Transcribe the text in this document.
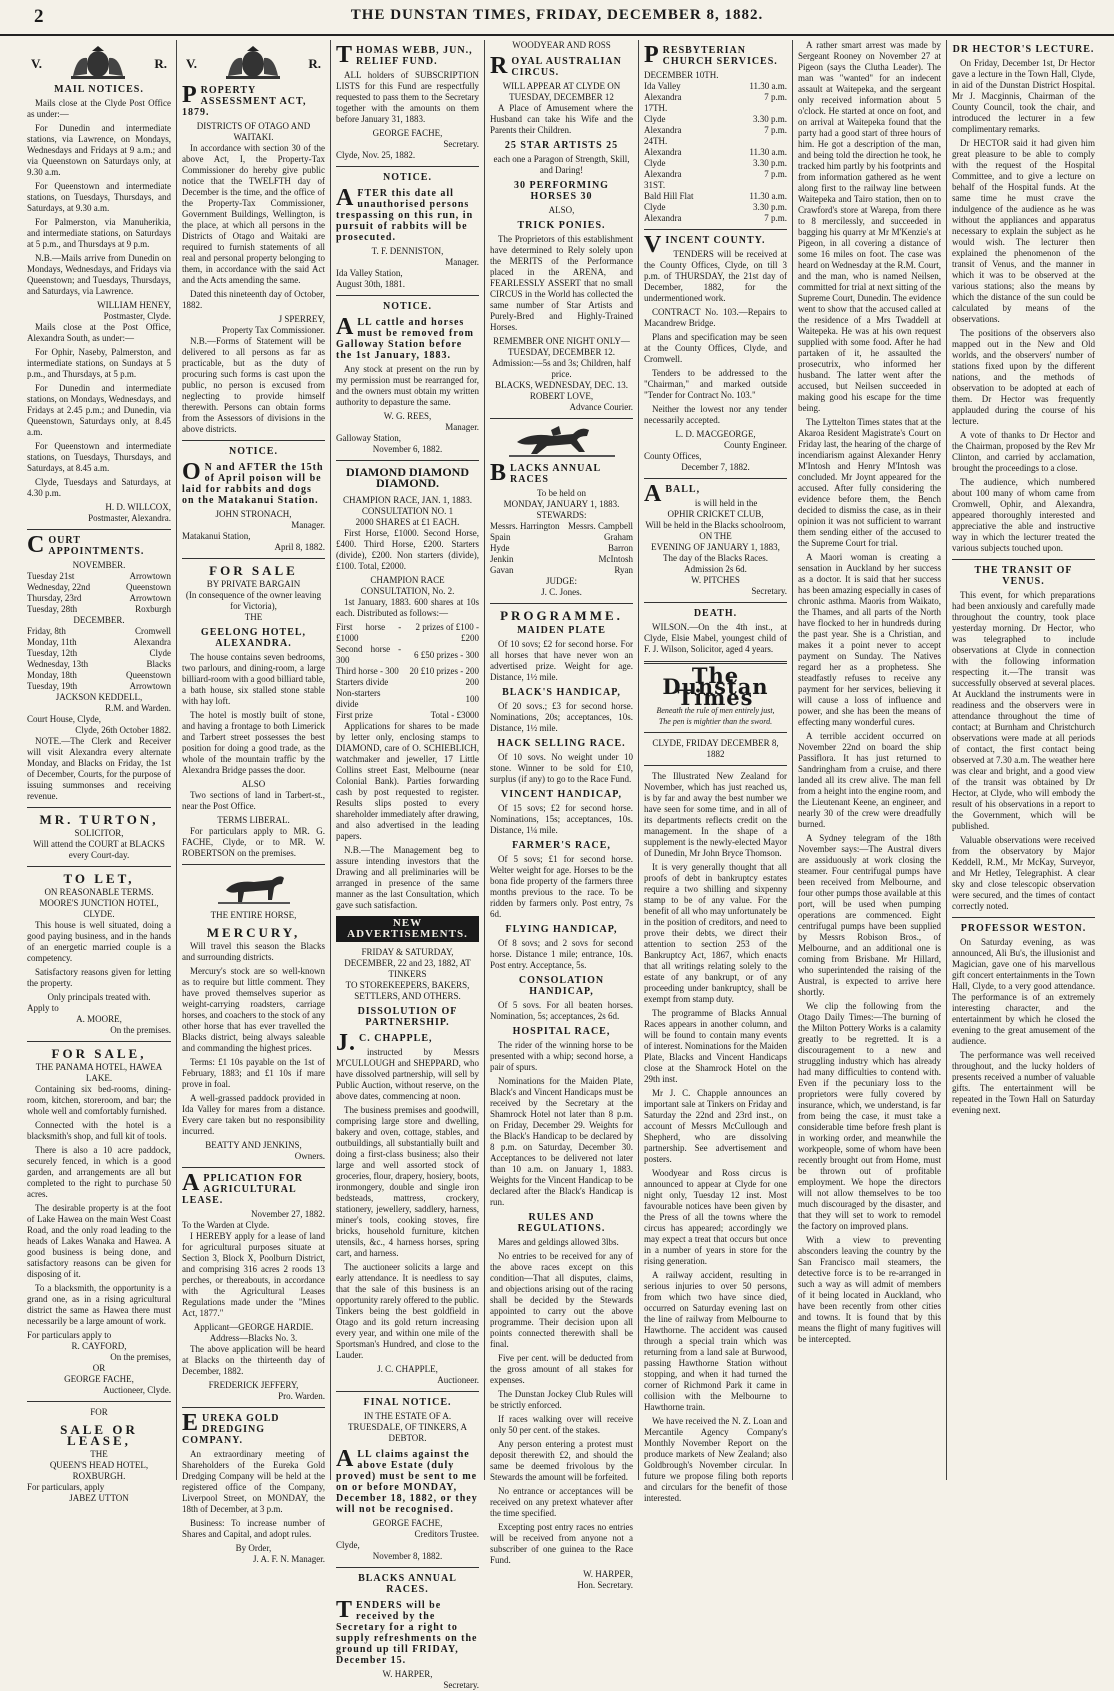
2	THE DUNSTAN TIMES, FRIDAY, DECEMBER 8, 1882.
V.	R.
MAIL NOTICES.

Mails close at the Clyde Post Office as under:—

For Dunedin and intermediate stations, via Lawrence, on Mondays, Wednesdays and Fridays at 9 a.m.; and via Queenstown on Saturdays only, at 9.30 a.m.

For Queenstown and intermediate stations, on Tuesdays, Thursdays, and Saturdays, at 9.30 a.m.

For Palmerston, via Manuherikia, and intermediate stations, on Saturdays at 5 p.m., and Thursdays at 9 p.m.

N.B.—Mails arrive from Dunedin on Mondays, Wednesdays, and Fridays via Queenstown; and Tuesdays, Thursdays, and Saturdays, via Lawrence.

WILLIAM HENEY,
Postmaster, Clyde.

Mails close at the Post Office, Alexandra South, as under:—

For Ophir, Naseby, Palmerston, and intermediate stations, on Sundays at 5 p.m., and Thursdays, at 5 p.m.

For Dunedin and intermediate stations, on Mondays, Wednesdays, and Fridays at 2.45 p.m.; and Dunedin, via Queenstown, Saturdays only, at 8.45 a.m.

For Queenstown and intermediate stations, on Tuesdays, Thursdays, and Saturdays, at 8.45 a.m.

Clyde, Tuesdays and Saturdays, at 4.30 p.m.

H. D. WILLCOX,
Postmaster, Alexandra.
COURT APPOINTMENTS.
NOVEMBER.
Tuesday 21st	Arrowtown
Wednesday, 22nd	Queenstown
Thursday, 23rd	Arrowtown
Tuesday, 28th	Roxburgh
DECEMBER.
Friday, 8th	Cromwell
Monday, 11th	Alexandra
Tuesday, 12th	Clyde
Wednesday, 13th	Blacks
Monday, 18th	Queenstown
Tuesday, 19th	Arrowtown
JACKSON KEDDELL,
R.M. and Warden.
Court House, Clyde,
Clyde, 26th October 1882.

NOTE.—The Clerk and Receiver will visit Alexandra every alternate Monday, and Blacks on Friday, the 1st of December, Courts, for the purpose of issuing summonses and receiving revenue.

MR. TURTON,
SOLICITOR,
Will attend the COURT at BLACKS
every Court-day.
TO LET,
ON REASONABLE TERMS.
MOORE'S JUNCTION HOTEL,
CLYDE.

This house is well situated, doing a good paying business, and in the hands of an energetic married couple is a competency.

Satisfactory reasons given for letting the property.

Only principals treated with.
Apply to
A. MOORE,
On the premises.
FOR SALE,
THE PANAMA HOTEL, HAWEA LAKE.

Containing six bed-rooms, dining-room, kitchen, storeroom, and bar; the whole well and comfortably furnished.

Connected with the hotel is a blacksmith's shop, and full kit of tools.

There is also a 10 acre paddock, securely fenced, in which is a good garden, and arrangements are all but completed to the right to purchase 50 acres.

The desirable property is at the foot of Lake Hawea on the main West Coast Road, and the only road leading to the heads of Lakes Wanaka and Hawea. A good business is being done, and satisfactory reasons can be given for disposing of it.

To a blacksmith, the opportunity is a grand one, as in a rising agricultural district the same as Hawea there must necessarily be a large amount of work.

For particulars apply to
R. CAYFORD,
On the premises,
OR
GEORGE FACHE,
Auctioneer, Clyde.
FOR
SALE OR LEASE,
THE
QUEEN'S HEAD HOTEL, ROXBURGH.
For particulars, apply
JABEZ UTTON
V.	R.
PROPERTY ASSESSMENT ACT, 1879.
DISTRICTS OF OTAGO AND WAITAKI.

In accordance with section 30 of the above Act, I, the Property-Tax Commissioner do hereby give public notice that the TWELFTH day of December is the time, and the office of the Property-Tax Commissioner, Government Buildings, Wellington, is the place, at which all persons in the Districts of Otago and Waitaki are required to furnish statements of all real and personal property belonging to them, in accordance with the said Act and the Acts amending the same.

Dated this nineteenth day of October, 1882.

J SPERREY,
Property Tax Commissioner.

N.B.—Forms of Statement will be delivered to all persons as far as practicable, but as the duty of procuring such forms is cast upon the public, no person is excused from neglecting to provide himself therewith. Persons can obtain forms from the Assessors of divisions in the above districts.

NOTICE.
ON and AFTER the 15th of April poison will be laid for rabbits and dogs on the Matakanui Station.
JOHN STRONACH,
Manager.
Matakanui Station,
April 8, 1882.
FOR SALE
BY PRIVATE BARGAIN
(In consequence of the owner leaving for Victoria),
THE
GEELONG HOTEL, ALEXANDRA.

The house contains seven bedrooms, two parlours, and dining-room, a large billiard-room with a good billiard table, a bath house, six stalled stone stable with hay loft.

The hotel is mostly built of stone, and having a frontage to both Limerick and Tarbert street possesses the best position for doing a good trade, as the whole of the mountain traffic by the Alexandra Bridge passes the door.

ALSO

Two sections of land in Tarbert-st., near the Post Office.

TERMS LIBERAL.

For particulars apply to MR. G. FACHE, Clyde, or to MR. W. ROBERTSON on the premises.

THE ENTIRE HORSE,
MERCURY,

Will travel this season the Blacks and surrounding districts.

Mercury's stock are so well-known as to require but little comment. They have proved themselves superior as weight-carrying roadsters, carriage horses, and coachers to the stock of any other horse that has ever travelled the Blacks district, being always saleable and commanding the highest prices.

Terms: £1 10s payable on the 1st of February, 1883; and £1 10s if mare prove in foal.

A well-grassed paddock provided in Ida Valley for mares from a distance. Every care taken but no responsibility incurred.

BEATTY AND JENKINS,
Owners.
APPLICATION FOR AGRICULTURAL LEASE.
November 27, 1882.
To the Warden at Clyde.

I HEREBY apply for a lease of land for agricultural purposes situate at Section 3, Block X, Poolburn District, and comprising 316 acres 2 roods 13 perches, or thereabouts, in accordance with the Agricultural Leases Regulations made under the "Mines Act, 1877."

Applicant—GEORGE HARDIE.
Address—Blacks No. 3.

The above application will be heard at Blacks on the thirteenth day of December, 1882.

FREDERICK JEFFERY,
Pro. Warden.
EUREKA GOLD DREDGING COMPANY.

An extraordinary meeting of Shareholders of the Eureka Gold Dredging Company will be held at the registered office of the Company, Liverpool Street, on MONDAY, the 18th of December, at 3 p.m.

Business: To increase number of Shares and Capital, and adopt rules.

By Order,
J. A. F. N. Manager.
THOMAS WEBB, JUN., RELIEF FUND.

ALL holders of SUBSCRIPTION LISTS for this Fund are respectfully requested to pass them to the Secretary together with the amounts on them before January 31, 1883.

GEORGE FACHE,
Secretary.
Clyde, Nov. 25, 1882.
NOTICE.
AFTER this date all unauthorised persons trespassing on this run, in pursuit of rabbits will be prosecuted.
T. F. DENNISTON,
Manager.
Ida Valley Station,
August 30th, 1881.
NOTICE.
ALL cattle and horses must be removed from Galloway Station before the 1st January, 1883.

Any stock at present on the run by my permission must be rearranged for, and the owners must obtain my written authority to depasture the same.

W. G. REES,
Manager.
Galloway Station,
November 6, 1882.
DIAMOND DIAMOND DIAMOND.
CHAMPION RACE, JAN. 1, 1883. CONSULTATION NO. 1
2000 SHARES at £1 EACH.

First Horse, £1000. Second Horse, £400. Third Horse, £200. Starters (divide), £200. Non starters (divide), £100. Total, £2000.

CHAMPION RACE CONSULTATION, No. 2.

1st January, 1883. 600 shares at 10s each. Distributed as follows:—

First horse - £1000	2 prizes of £100 - £200
Second horse - 300	6 £50 prizes - 300
Third horse - 300	20 £10 prizes - 200
Starters divide	200
Non-starters divide	100
First prize	Total - £3000

Applications for shares to be made by letter only, enclosing stamps to DIAMOND, care of O. SCHIEBLICH, watchmaker and jeweller, 17 Little Collins street East, Melbourne (near Colonial Bank). Parties forwarding cash by post requested to register. Results slips posted to every shareholder immediately after drawing, and also advertised in the leading papers.

N.B.—The Management beg to assure intending investors that the Drawing and all preliminaries will be arranged in presence of the same manner as the last Consultation, which gave such satisfaction.

NEW ADVERTISEMENTS.
FRIDAY & SATURDAY, DECEMBER, 22 and 23, 1882, AT TINKERS
TO STOREKEEPERS, BAKERS, SETTLERS, AND OTHERS.
DISSOLUTION OF PARTNERSHIP.
J.C. CHAPPLE,

instructed by Messrs M'CULLOUGH and SHEPPARD, who have dissolved partnership, will sell by Public Auction, without reserve, on the above dates, commencing at noon.

The business premises and goodwill, comprising large store and dwelling, bakery and oven, cottage, stables, and outbuildings, all substantially built and doing a first-class business; also their large and well assorted stock of groceries, flour, drapery, hosiery, boots, ironmongery, double and single iron bedsteads, mattress, crockery, stationery, jewellery, saddlery, harness, miner's tools, cooking stoves, fire bricks, household furniture, kitchen utensils, &c., 4 harness horses, spring cart, and harness.

The auctioneer solicits a large and early attendance. It is needless to say that the sale of this business is an opportunity rarely offered to the public. Tinkers being the best goldfield in Otago and its gold return increasing every year, and within one mile of the Sportsman's Hundred, and close to the Lauder.

J. C. CHAPPLE,
Auctioneer.
FINAL NOTICE.
IN THE ESTATE OF A. TRUESDALE, OF TINKERS, A DEBTOR.
ALL claims against the above Estate (duly proved) must be sent to me on or before MONDAY, December 18, 1882, or they will not be recognised.
GEORGE FACHE,
Creditors Trustee.
Clyde,
November 8, 1882.
BLACKS ANNUAL RACES.
TENDERS will be received by the Secretary for a right to supply refreshments on the ground up till FRIDAY, December 15.
W. HARPER,
Secretary.
WOODYEAR AND ROSS
ROYAL AUSTRALIAN CIRCUS.
WILL APPEAR AT CLYDE ON TUESDAY, DECEMBER 12

A Place of Amusement where the Husband can take his Wife and the Parents their Children.

25 STAR ARTISTS 25
each one a Paragon of Strength, Skill, and Daring!
30 PERFORMING HORSES 30
ALSO,
TRICK PONIES.

The Proprietors of this establishment have determined to Rely solely upon the MERITS of the Performance placed in the ARENA, and FEARLESSLY ASSERT that no small CIRCUS in the World has collected the same number of Star Artists and Purely-Bred and Highly-Trained Horses.

REMEMBER ONE NIGHT ONLY—TUESDAY, DECEMBER 12.
Admission:—5s and 3s; Children, half price.
BLACKS, WEDNESDAY, DEC. 13.
ROBERT LOVE,
Advance Courier.
BLACKS ANNUAL RACES
To be held on
MONDAY, JANUARY 1, 1883.
STEWARDS:
Messrs. Harrington	Messrs. Campbell
Spain	Graham
Hyde	Barron
Jenkin	McIntosh
Gavan	Ryan
JUDGE:
J. C. Jones.
PROGRAMME.
MAIDEN PLATE

Of 10 sovs; £2 for second horse. For all horses that have never won an advertised prize. Weight for age. Distance, 1½ mile.

BLACK'S HANDICAP,

Of 20 sovs.; £3 for second horse. Nominations, 20s; acceptances, 10s. Distance, 1½ mile.

HACK SELLING RACE.

Of 10 sovs. No weight under 10 stone. Winner to be sold for £10, surplus (if any) to go to the Race Fund.

VINCENT HANDICAP,

Of 15 sovs; £2 for second horse. Nominations, 15s; acceptances, 10s. Distance, 1¼ mile.

FARMER'S RACE,

Of 5 sovs; £1 for second horse. Welter weight for age. Horses to be the bona fide property of the farmers three months previous to the race. To be ridden by farmers only. Post entry, 7s 6d.

FLYING HANDICAP,

Of 8 sovs; and 2 sovs for second horse. Distance 1 mile; entrance, 10s. Post entry. Acceptance, 5s.

CONSOLATION HANDICAP,

Of 5 sovs. For all beaten horses. Nomination, 5s; acceptances, 2s 6d.

HOSPITAL RACE,

The rider of the winning horse to be presented with a whip; second horse, a pair of spurs.

Nominations for the Maiden Plate, Black's and Vincent Handicaps must be received by the Secretary at the Shamrock Hotel not later than 8 p.m. on Friday, December 29. Weights for the Black's Handicap to be declared by 8 p.m. on Saturday, December 30. Acceptances to be delivered not later than 10 a.m. on January 1, 1883. Weights for the Vincent Handicap to be declared after the Black's Handicap is run.

RULES AND REGULATIONS.

Mares and geldings allowed 3lbs.

No entries to be received for any of the above races except on this condition—That all disputes, claims, and objections arising out of the racing shall be decided by the Stewards appointed to carry out the above programme. Their decision upon all points connected therewith shall be final.

Five per cent. will be deducted from the gross amount of all stakes for expenses.

The Dunstan Jockey Club Rules will be strictly enforced.

If races walking over will receive only 50 per cent. of the stakes.

Any person entering a protest must deposit therewith £2, and should the same be deemed frivolous by the Stewards the amount will be forfeited.

No entrance or acceptances will be received on any pretext whatever after the time specified.

Excepting post entry races no entries will be received from anyone not a subscriber of one guinea to the Race Fund.

W. HARPER,
Hon. Secretary.
PRESBYTERIAN CHURCH SERVICES.
DECEMBER 10TH.	
Ida Valley	11.30 a.m.
Alexandra	7 p.m.
17TH.	
Clyde	3.30 p.m.
Alexandra	7 p.m.
24TH.	
Alexandra	11.30 a.m.
Clyde	3.30 p.m.
Alexandra	7 p.m.
31ST.	
Bald Hill Flat	11.30 a.m.
Clyde	3.30 p.m.
Alexandra	7 p.m.
VINCENT COUNTY.

TENDERS will be received at the County Offices, Clyde, on till 3 p.m. of THURSDAY, the 21st day of December, 1882, for the undermentioned work.

CONTRACT No. 103.—Repairs to Macandrew Bridge.

Plans and specification may be seen at the County Offices, Clyde, and Cromwell.

Tenders to be addressed to the "Chairman," and marked outside "Tender for Contract No. 103."

Neither the lowest nor any tender necessarily accepted.

L. D. MACGEORGE,
County Engineer.
County Offices,
December 7, 1882.
ABALL,
is will held in the
OPHIR CRICKET CLUB,
Will be held in the Blacks schoolroom,
ON THE
EVENING OF JANUARY 1, 1883,
The day of the Blacks Races.
Admission 2s 6d.
W. PITCHES
Secretary.
DEATH.

WILSON.—On the 4th inst., at Clyde, Elsie Mabel, youngest child of F. J. Wilson, Solicitor, aged 4 years.

The Dunstan Times
Beneath the rule of men entirely just,
The pen is mightier than the sword.
CLYDE, FRIDAY DECEMBER 8, 1882

The Illustrated New Zealand for November, which has just reached us, is by far and away the best number we have seen for some time, and in all of its departments reflects credit on the management. In the shape of a supplement is the newly-elected Mayor of Dunedin, Mr John Bryce Thomson.

It is very generally thought that all proofs of debt in bankruptcy estates require a two shilling and sixpenny stamp to be of any value. For the benefit of all who may unfortunately be in the position of creditors, and need to prove their debts, we direct their attention to section 253 of the Bankruptcy Act, 1867, which enacts that all writings relating solely to the estate of any bankrupt, or of any proceeding under bankruptcy, shall be exempt from stamp duty.

The programme of Blacks Annual Races appears in another column, and will be found to contain many events of interest. Nominations for the Maiden Plate, Blacks and Vincent Handicaps close at the Shamrock Hotel on the 29th inst.

Mr J. C. Chapple announces an important sale at Tinkers on Friday and Saturday the 22nd and 23rd inst., on account of Messrs McCullough and Shepherd, who are dissolving partnership. See advertisement and posters.

Woodyear and Ross circus is announced to appear at Clyde for one night only, Tuesday 12 inst. Most favourable notices have been given by the Press of all the towns where the circus has appeared; accordingly we may expect a treat that occurs but once in a number of years in store for the rising generation.

A railway accident, resulting in serious injuries to over 50 persons, from which two have since died, occurred on Saturday evening last on the line of railway from Melbourne to Hawthorne. The accident was caused through a special train which was returning from a land sale at Burwood, passing Hawthorne Station without stopping, and when it had turned the corner of Richmond Park it came in collision with the Melbourne to Hawthorne train.

We have received the N. Z. Loan and Mercantile Agency Company's Monthly November Report on the produce markets of New Zealand; also Goldbrough's November circular. In future we propose filing both reports and circulars for the benefit of those interested.

A rather smart arrest was made by Sergeant Rooney on November 27 at Pigeon (says the Clutha Leader). The man was "wanted" for an indecent assault at Waitepeka, and the sergeant only received information about 5 o'clock. He started at once on foot, and on arrival at Waitepeka found that the party had a good start of three hours of him. He got a description of the man, and being told the direction he took, he tracked him partly by his footprints and from information gathered as he went along first to the railway line between Waitepeka and Tairo station, then on to Crawford's store at Warepa, from there to 8 mercilessly, and succeeded in bagging his quarry at Mr M'Kenzie's at Pigeon, in all covering a distance of some 16 miles on foot. The case was heard on Wednesday at the R.M. Court, and the man, who is named Neilsen, committed for trial at next sitting of the Supreme Court, Dunedin. The evidence went to show that the accused called at the residence of a Mrs Twaddell at Waitepeka. He was at his own request supplied with some food. After he had partaken of it, he assaulted the prosecutrix, who informed her husband. The latter went after the accused, but Neilsen succeeded in making good his escape for the time being.

The Lyttelton Times states that at the Akaroa Resident Magistrate's Court on Friday last, the hearing of the charge of incendiarism against Alexander Henry M'Intosh and Henry M'Intosh was concluded. Mr Joynt appeared for the accused. After fully considering the evidence before them, the Bench decided to dismiss the case, as in their opinion it was not sufficient to warrant them sending either of the accused to the Supreme Court for trial.

A Maori woman is creating a sensation in Auckland by her success as a doctor. It is said that her success has been amazing especially in cases of chronic asthma. Maoris from Waikato, the Thames, and all parts of the North have flocked to her in hundreds during the past year. She is a Christian, and makes it a point never to accept payment on Sunday. The Natives regard her as a prophetess. She steadfastly refuses to receive any payment for her services, believing it will cause a loss of influence and power, and she has been the means of effecting many wonderful cures.

A terrible accident occurred on November 22nd on board the ship Passiflora. It has just returned to Sandringham from a cruise, and there landed all its crew alive. The man fell from a height into the engine room, and the Lieutenant Keene, an engineer, and nearly 30 of the crew were dreadfully burned.

A Sydney telegram of the 18th November says:—The Austral divers are assiduously at work closing the steamer. Four centrifugal pumps have been received from Melbourne, and four other pumps those available at this port, will be used when pumping operations are commenced. Eight centrifugal pumps have been supplied by Messrs Robison Bros., of Melbourne, and an additional one is coming from Brisbane. Mr Hillard, who superintended the raising of the Austral, is expected to arrive here shortly.

We clip the following from the Otago Daily Times:—The burning of the Milton Pottery Works is a calamity greatly to be regretted. It is a discouragement to a new and struggling industry which has already had many difficulties to contend with. Even if the pecuniary loss to the proprietors were fully covered by insurance, which, we understand, is far from being the case, it must take a considerable time before fresh plant is in working order, and meanwhile the workpeople, some of whom have been recently brought out from Home, must be thrown out of profitable employment. We hope the directors will not allow themselves to be too much discouraged by the disaster, and that they will set to work to remodel the factory on improved plans.

With a view to preventing absconders leaving the country by the San Francisco mail steamers, the detective force is to be re-arranged in such a way as will admit of members of it being located in Auckland, who have been recently from other cities and towns. It is found that by this means the flight of many fugitives will be intercepted.

DR HECTOR'S LECTURE.

On Friday, December 1st, Dr Hector gave a lecture in the Town Hall, Clyde, in aid of the Dunstan District Hospital. Mr J. Macginnis, Chairman of the County Council, took the chair, and introduced the lecturer in a few complimentary remarks.

Dr HECTOR said it had given him great pleasure to be able to comply with the request of the Hospital Committee, and to give a lecture on behalf of the Hospital funds. At the same time he must crave the indulgence of the audience as he was without the appliances and apparatus necessary to explain the subject as he would wish. The lecturer then explained the phenomenon of the transit of Venus, and the manner in which it was to be observed at the various stations; also the means by which the distance of the sun could be calculated by means of the observations.

The positions of the observers also mapped out in the New and Old worlds, and the observers' number of stations fixed upon by the different nations, and the methods of observation to be adopted at each of them. Dr Hector was frequently applauded during the course of his lecture.

A vote of thanks to Dr Hector and the Chairman, proposed by the Rev Mr Clinton, and carried by acclamation, brought the proceedings to a close.

The audience, which numbered about 100 many of whom came from Cromwell, Ophir, and Alexandra, appeared thoroughly interested and appreciative the able and instructive way in which the lecturer treated the various subjects touched upon.

THE TRANSIT OF VENUS.

This event, for which preparations had been anxiously and carefully made throughout the country, took place yesterday morning. Dr Hector, who was telegraphed to include observations at Clyde in connection with the following information respecting it.—The transit was successfully observed at several places. At Auckland the instruments were in readiness and the observers were in attendance throughout the time of contact; at Burnham and Christchurch observations were made at all periods of contact, the first contact being observed at 7.30 a.m. The weather here was clear and bright, and a good view of the transit was obtained by Dr Hector, at Clyde, who will embody the result of his observations in a report to the Government, which will be published.

Valuable observations were received from the observatory by Major Keddell, R.M., Mr McKay, Surveyor, and Mr Hetley, Telegraphist. A clear sky and close telescopic observation were secured, and the times of contact correctly noted.

PROFESSOR WESTON.

On Saturday evening, as was announced, Ali Bu's, the illusionist and Magician, gave one of his marvellous gift concert entertainments in the Town Hall, Clyde, to a very good attendance. The performance is of an extremely interesting character, and the entertainment by which he closed the evening to the great amusement of the audience.

The performance was well received throughout, and the lucky holders of presents received a number of valuable gifts. The entertainment will be repeated in the Town Hall on Saturday evening next.
